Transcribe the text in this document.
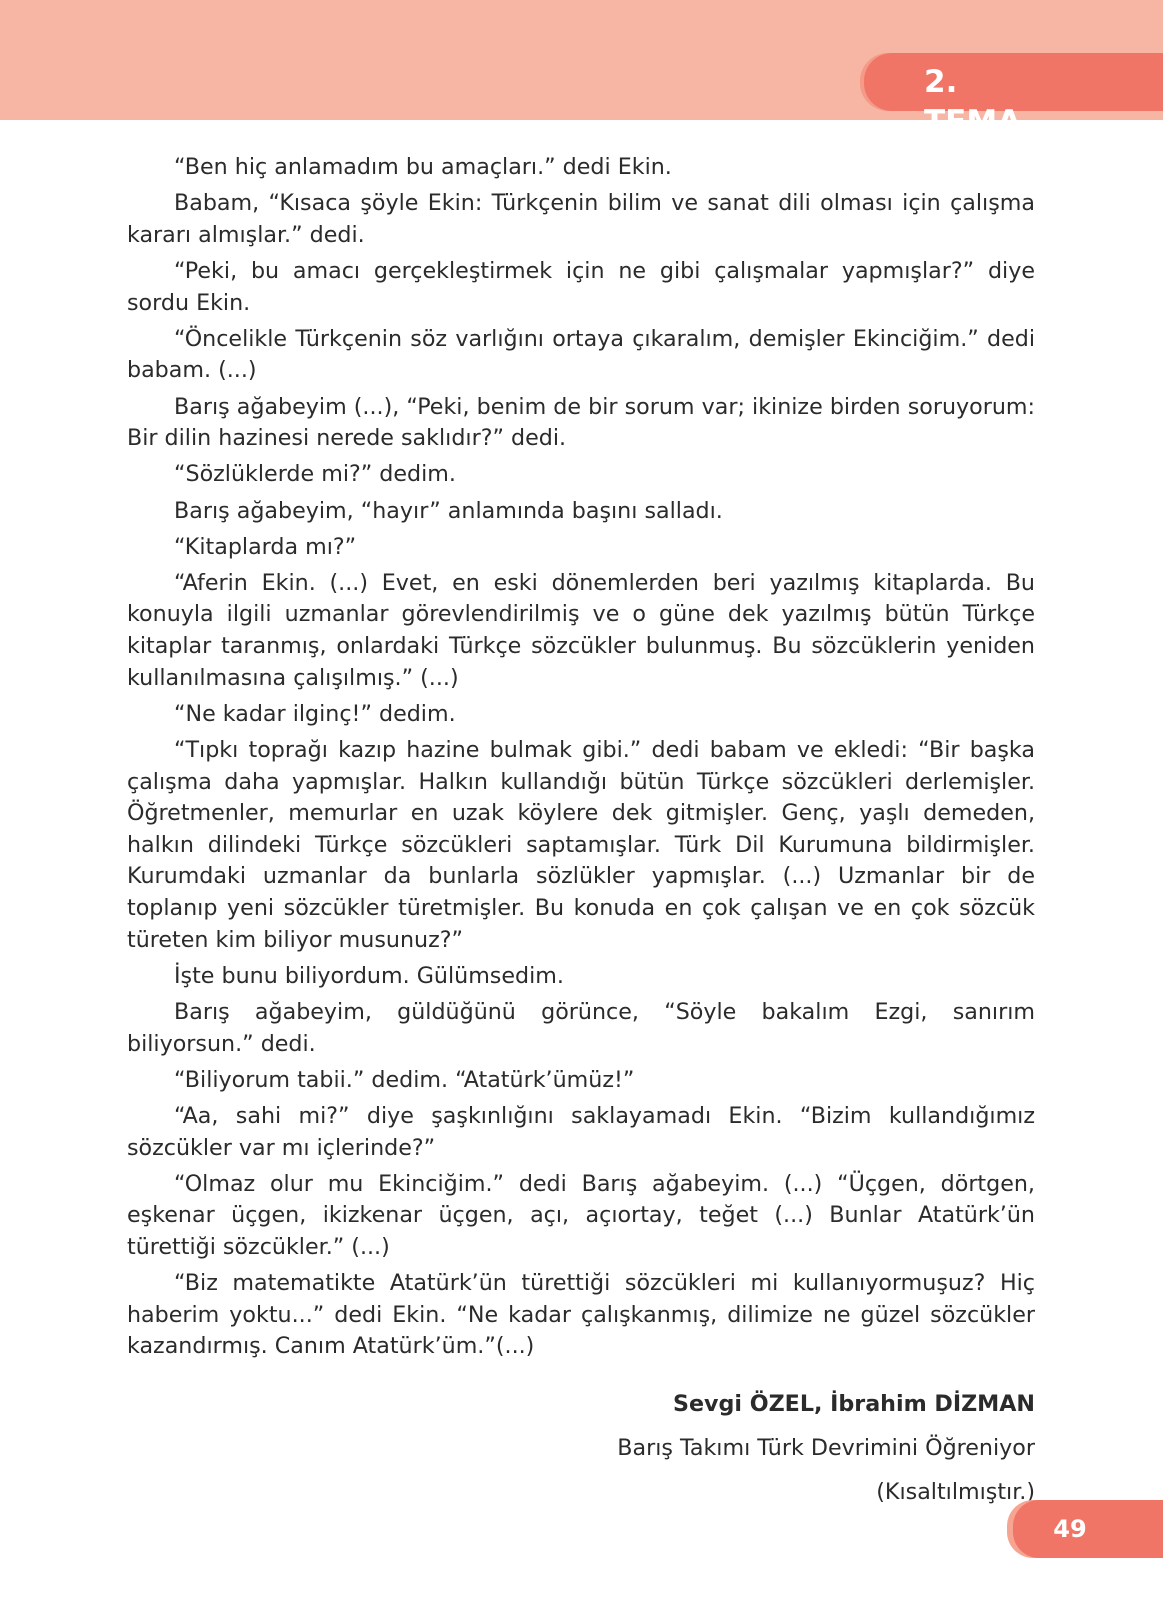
2. TEMA

“Ben hiç anlamadım bu amaçları.” dedi Ekin.

Babam, “Kısaca şöyle Ekin: Türkçenin bilim ve sanat dili olması için çalışma kararı almışlar.” dedi.

“Peki, bu amacı gerçekleştirmek için ne gibi çalışmalar yapmışlar?” diye sordu Ekin.

“Öncelikle Türkçenin söz varlığını ortaya çıkaralım, demişler Ekinciğim.” dedi babam. (...)

Barış ağabeyim (...), “Peki, benim de bir sorum var; ikinize birden soruyorum: Bir dilin hazinesi nerede saklıdır?” dedi.

“Sözlüklerde mi?” dedim.

Barış ağabeyim, “hayır” anlamında başını salladı.

“Kitaplarda mı?”

“Aferin Ekin. (...) Evet, en eski dönemlerden beri yazılmış kitaplarda. Bu konuyla ilgili uzmanlar görevlendirilmiş ve o güne dek yazılmış bütün Türkçe kitaplar taranmış, onlardaki Türkçe sözcükler bulunmuş. Bu sözcüklerin yeniden kullanılmasına çalışılmış.” (...)

“Ne kadar ilginç!” dedim.

“Tıpkı toprağı kazıp hazine bulmak gibi.” dedi babam ve ekledi: “Bir başka çalışma daha yapmışlar. Halkın kullandığı bütün Türkçe sözcükleri derlemişler. Öğretmenler, memurlar en uzak köylere dek gitmişler. Genç, yaşlı demeden, halkın dilindeki Türkçe sözcükleri saptamışlar. Türk Dil Kurumuna bildirmişler. Kurumdaki uzmanlar da bunlarla sözlükler yapmışlar. (...) Uzmanlar bir de toplanıp yeni sözcükler türetmişler. Bu konuda en çok çalışan ve en çok sözcük türeten kim biliyor musunuz?”

İşte bunu biliyordum. Gülümsedim.

Barış ağabeyim, güldüğünü görünce, “Söyle bakalım Ezgi, sanırım biliyorsun.” dedi.

“Biliyorum tabii.” dedim. “Atatürk’ümüz!”

“Aa, sahi mi?” diye şaşkınlığını saklayamadı Ekin. “Bizim kullandığımız sözcükler var mı içlerinde?”

“Olmaz olur mu Ekinciğim.” dedi Barış ağabeyim. (...) “Üçgen, dörtgen, eşkenar üçgen, ikizkenar üçgen, açı, açıortay, teğet (...) Bunlar Atatürk’ün türettiği sözcükler.” (...)

“Biz matematikte Atatürk’ün türettiği sözcükleri mi kullanıyormuşuz? Hiç haberim yoktu...” dedi Ekin. “Ne kadar çalışkanmış, dilimize ne güzel sözcükler kazandırmış. Canım Atatürk’üm.”(...)

Sevgi ÖZEL, İbrahim DİZMAN
Barış Takımı Türk Devrimini Öğreniyor
(Kısaltılmıştır.)
49
